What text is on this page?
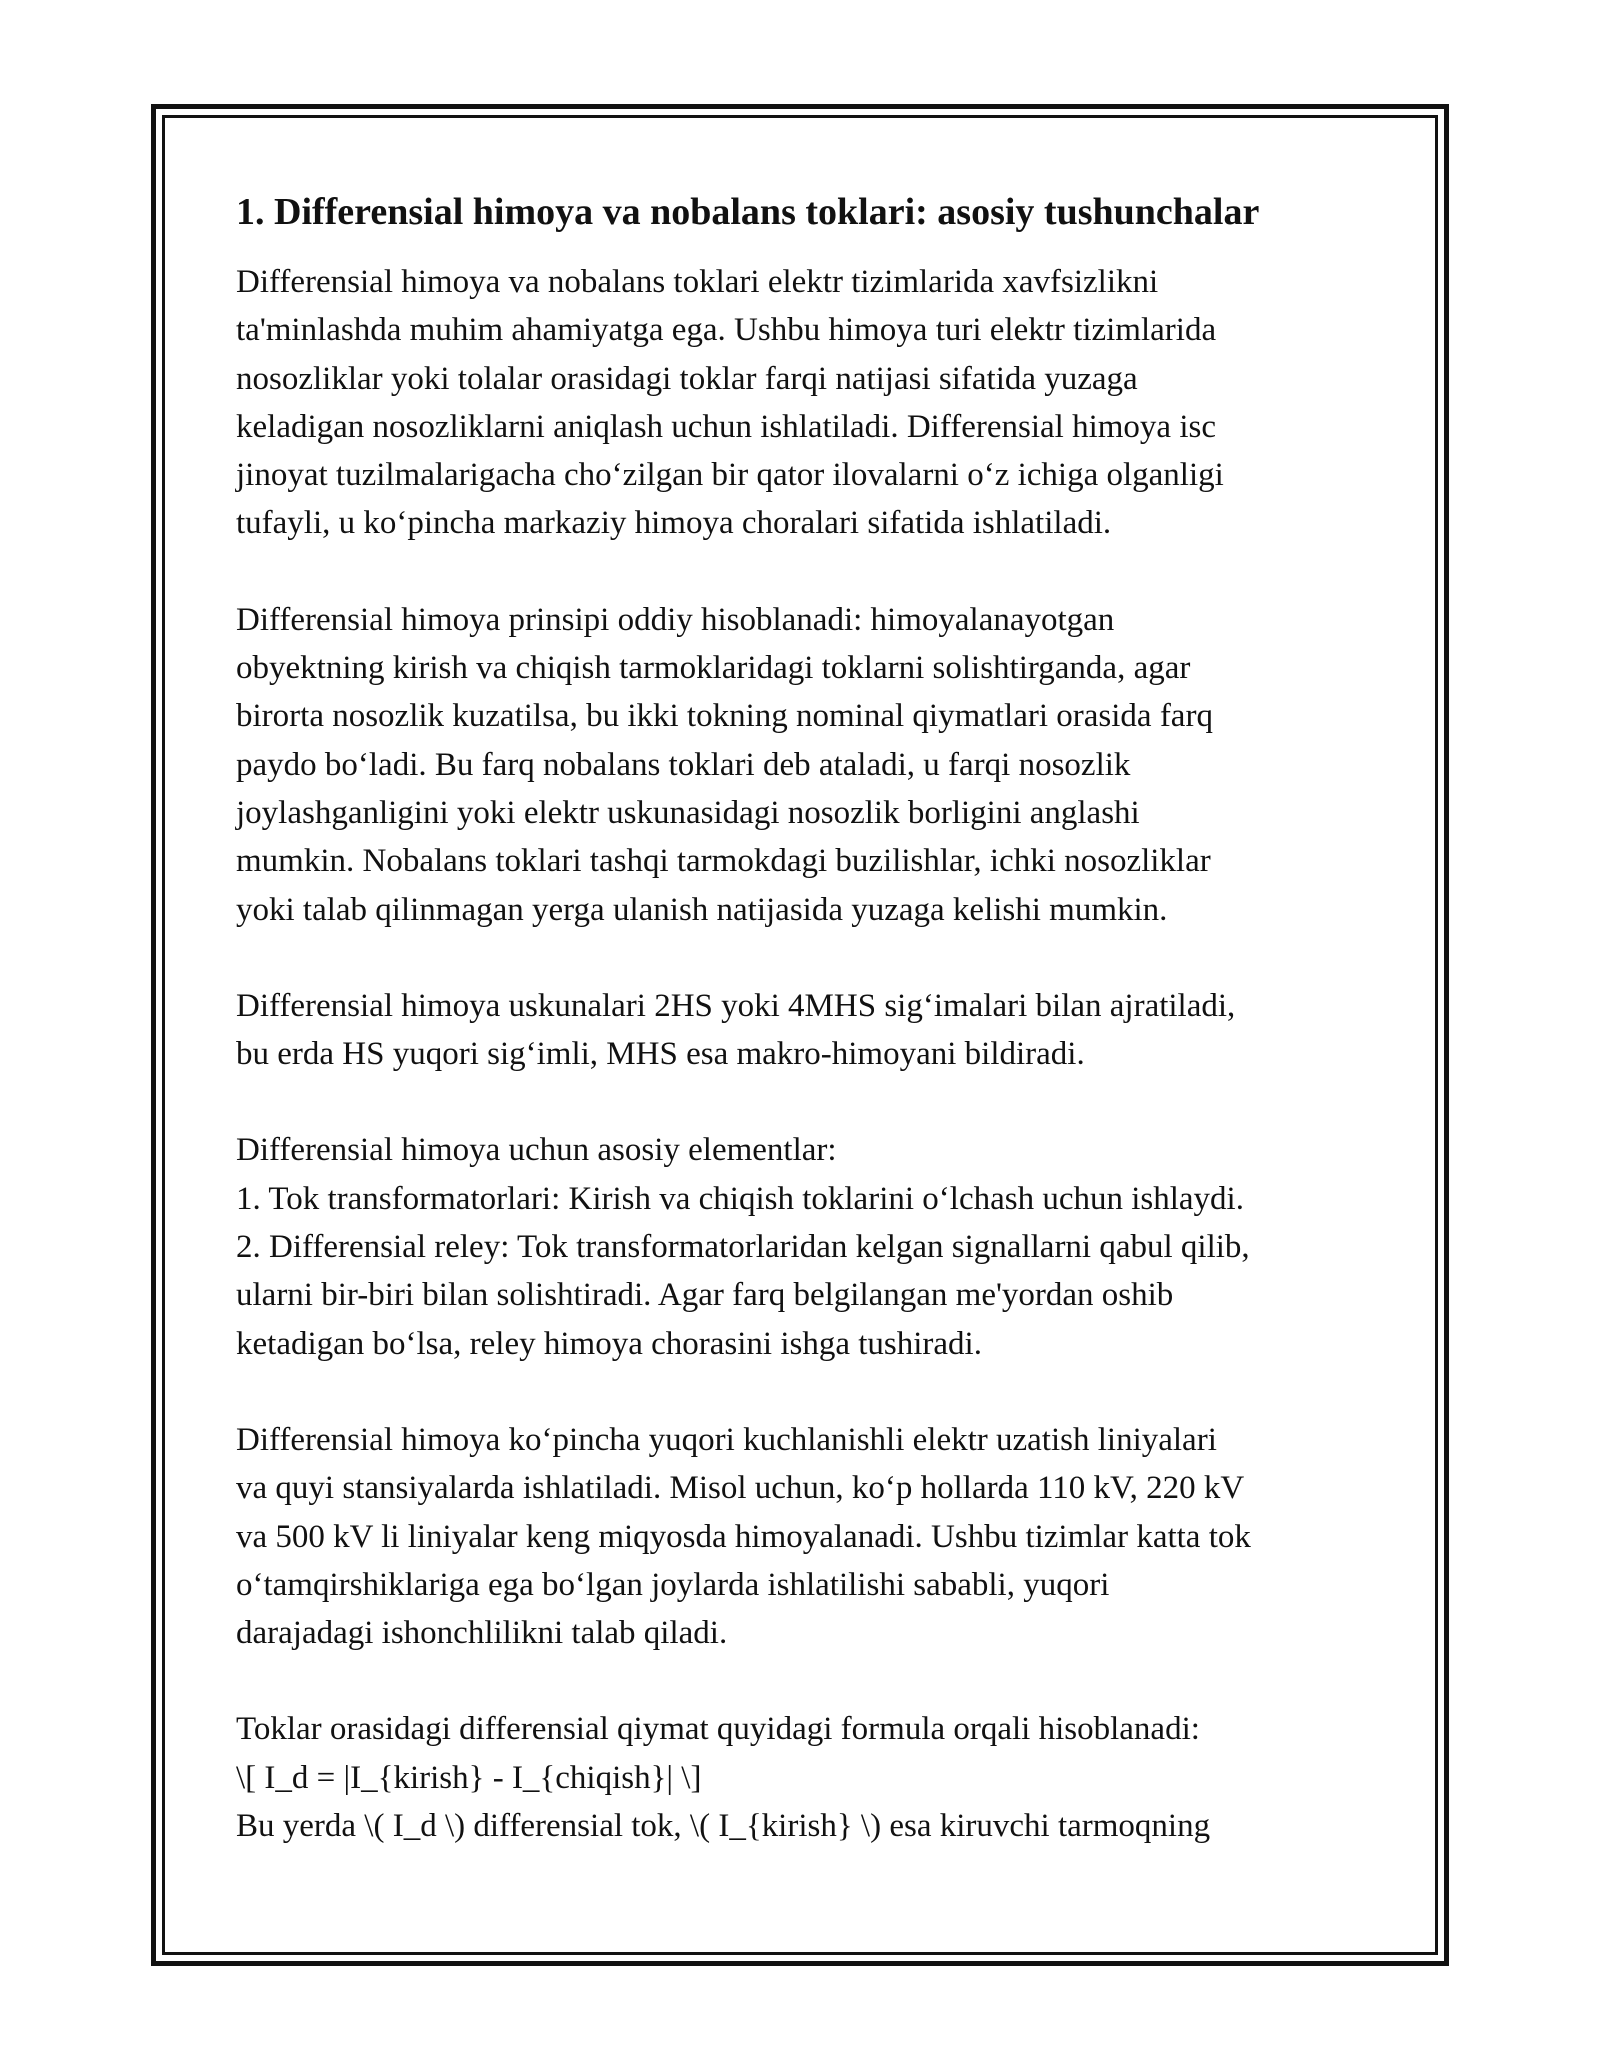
1. Differensial himoya va nobalans toklari: asosiy tushunchalar

Differensial himoya va nobalans toklari elektr tizimlarida xavfsizlikni
ta'minlashda muhim ahamiyatga ega. Ushbu himoya turi elektr tizimlarida
nosozliklar yoki tolalar orasidagi toklar farqi natijasi sifatida yuzaga
keladigan nosozliklarni aniqlash uchun ishlatiladi. Differensial himoya isc
jinoyat tuzilmalarigacha cho‘zilgan bir qator ilovalarni o‘z ichiga olganligi
tufayli, u ko‘pincha markaziy himoya choralari sifatida ishlatiladi.

Differensial himoya prinsipi oddiy hisoblanadi: himoyalanayotgan
obyektning kirish va chiqish tarmoklaridagi toklarni solishtirganda, agar
birorta nosozlik kuzatilsa, bu ikki tokning nominal qiymatlari orasida farq
paydo bo‘ladi. Bu farq nobalans toklari deb ataladi, u farqi nosozlik
joylashganligini yoki elektr uskunasidagi nosozlik borligini anglashi
mumkin. Nobalans toklari tashqi tarmokdagi buzilishlar, ichki nosozliklar
yoki talab qilinmagan yerga ulanish natijasida yuzaga kelishi mumkin.

Differensial himoya uskunalari 2HS yoki 4MHS sig‘imalari bilan ajratiladi,
bu erda HS yuqori sig‘imli, MHS esa makro-himoyani bildiradi.

Differensial himoya uchun asosiy elementlar:
1. Tok transformatorlari: Kirish va chiqish toklarini o‘lchash uchun ishlaydi.
2. Differensial reley: Tok transformatorlaridan kelgan signallarni qabul qilib,
ularni bir-biri bilan solishtiradi. Agar farq belgilangan me'yordan oshib
ketadigan bo‘lsa, reley himoya chorasini ishga tushiradi.

Differensial himoya ko‘pincha yuqori kuchlanishli elektr uzatish liniyalari
va quyi stansiyalarda ishlatiladi. Misol uchun, ko‘p hollarda 110 kV, 220 kV
va 500 kV li liniyalar keng miqyosda himoyalanadi. Ushbu tizimlar katta tok
o‘tamqirshiklariga ega bo‘lgan joylarda ishlatilishi sababli, yuqori
darajadagi ishonchlilikni talab qiladi.

Toklar orasidagi differensial qiymat quyidagi formula orqali hisoblanadi:
\[ I_d = |I_{kirish} - I_{chiqish}| \]
Bu yerda \( I_d \) differensial tok, \( I_{kirish} \) esa kiruvchi tarmoqning
